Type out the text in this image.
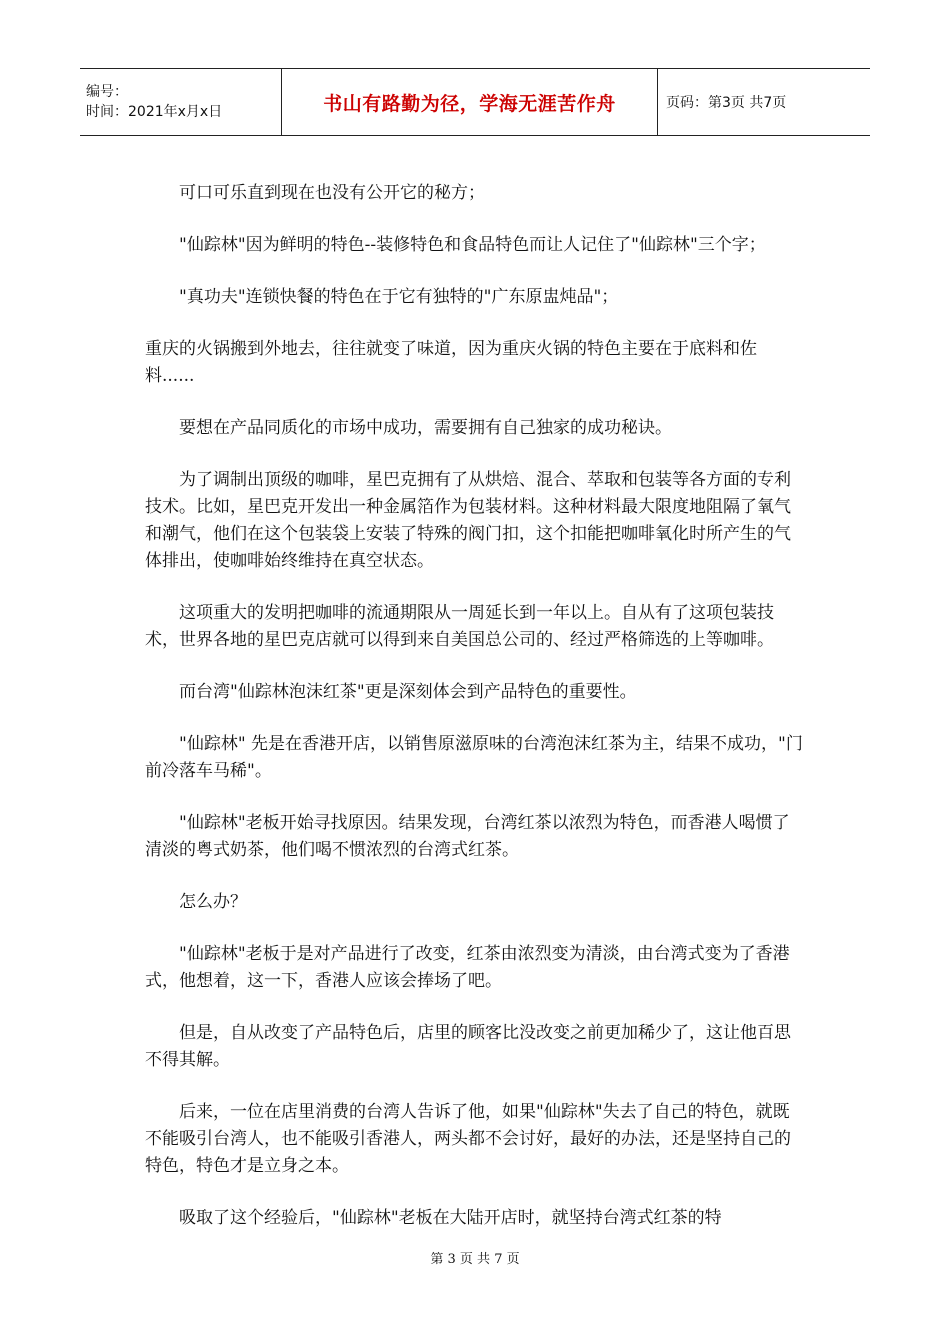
编号：
时间：2021年x月x日	书山有路勤为径，学海无涯苦作舟	页码：第3页 共7页

可口可乐直到现在也没有公开它的秘方；

"仙踪林"因为鲜明的特色--装修特色和食品特色而让人记住了"仙踪林"三个字；

"真功夫"连锁快餐的特色在于它有独特的"广东原盅炖品"；

重庆的火锅搬到外地去，往往就变了味道，因为重庆火锅的特色主要在于底料和佐料......

要想在产品同质化的市场中成功，需要拥有自己独家的成功秘诀。

为了调制出顶级的咖啡，星巴克拥有了从烘焙、混合、萃取和包装等各方面的专利技术。比如，星巴克开发出一种金属箔作为包装材料。这种材料最大限度地阻隔了氧气和潮气，他们在这个包装袋上安装了特殊的阀门扣，这个扣能把咖啡氧化时所产生的气体排出，使咖啡始终维持在真空状态。

这项重大的发明把咖啡的流通期限从一周延长到一年以上。自从有了这项包装技术，世界各地的星巴克店就可以得到来自美国总公司的、经过严格筛选的上等咖啡。

而台湾"仙踪林泡沫红茶"更是深刻体会到产品特色的重要性。

"仙踪林" 先是在香港开店，以销售原滋原味的台湾泡沫红茶为主，结果不成功，"门前冷落车马稀"。

"仙踪林"老板开始寻找原因。结果发现，台湾红茶以浓烈为特色，而香港人喝惯了清淡的粤式奶茶，他们喝不惯浓烈的台湾式红茶。

怎么办？

"仙踪林"老板于是对产品进行了改变，红茶由浓烈变为清淡，由台湾式变为了香港式，他想着，这一下，香港人应该会捧场了吧。

但是，自从改变了产品特色后，店里的顾客比没改变之前更加稀少了，这让他百思不得其解。

后来，一位在店里消费的台湾人告诉了他，如果"仙踪林"失去了自己的特色，就既不能吸引台湾人，也不能吸引香港人，两头都不会讨好，最好的办法，还是坚持自己的特色，特色才是立身之本。

吸取了这个经验后，"仙踪林"老板在大陆开店时，就坚持台湾式红茶的特

第 3 页 共 7 页
